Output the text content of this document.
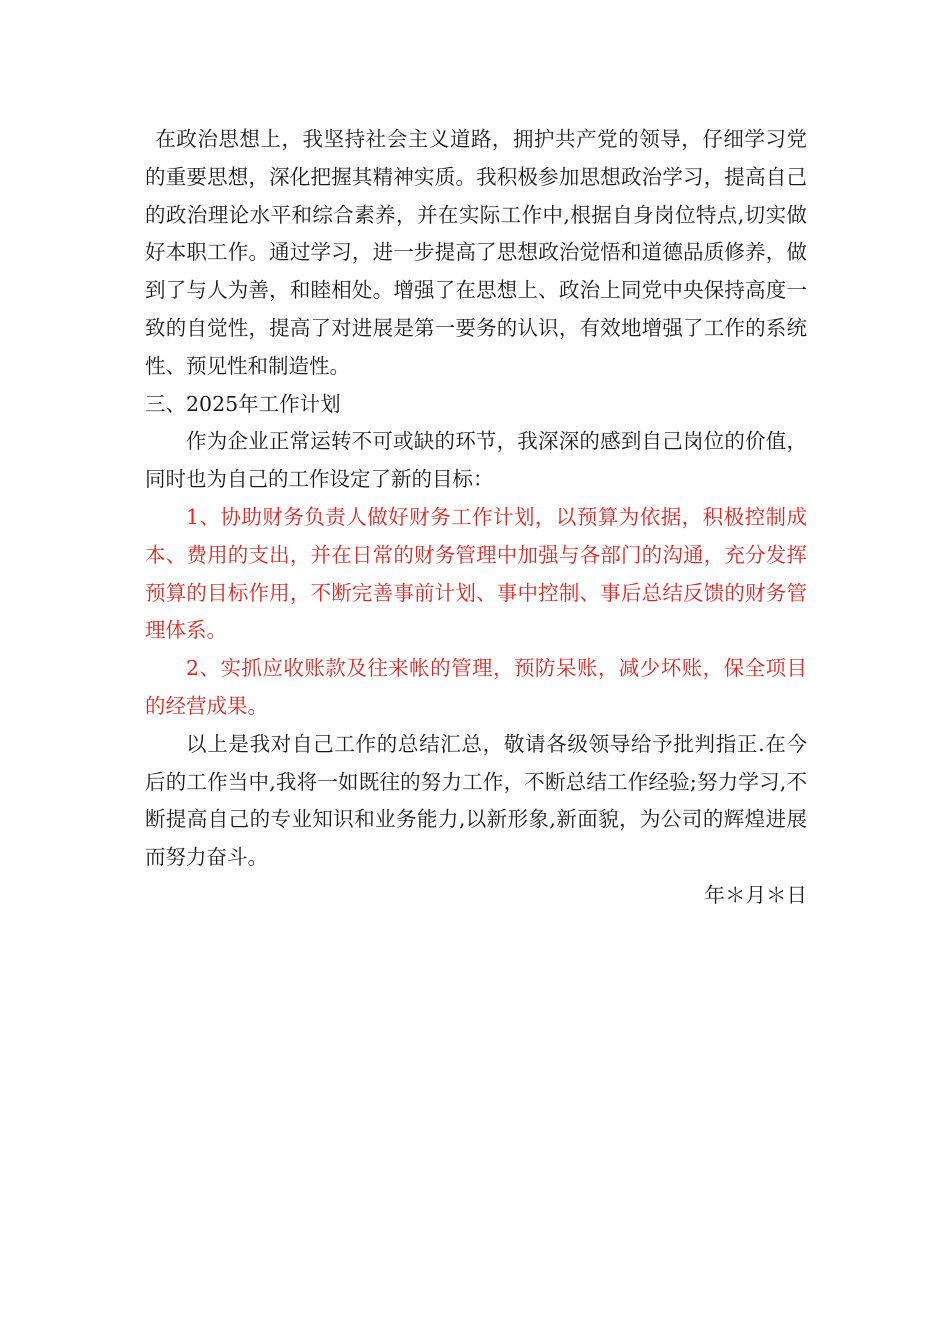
在政治思想上，我坚持社会主义道路，拥护共产党的领导，仔细学习党的重要思想，深化把握其精神实质。我积极参加思想政治学习，提高自己的政治理论水平和综合素养，并在实际工作中,根据自身岗位特点,切实做好本职工作。通过学习，进一步提高了思想政治觉悟和道德品质修养，做到了与人为善，和睦相处。增强了在思想上、政治上同党中央保持高度一致的自觉性，提高了对进展是第一要务的认识，有效地增强了工作的系统性、预见性和制造性。

三、2025年工作计划

作为企业正常运转不可或缺的环节，我深深的感到自己岗位的价值，同时也为自己的工作设定了新的目标：

1、协助财务负责人做好财务工作计划，以预算为依据，积极控制成本、费用的支出，并在日常的财务管理中加强与各部门的沟通，充分发挥预算的目标作用，不断完善事前计划、事中控制、事后总结反馈的财务管理体系。

2、实抓应收账款及往来帐的管理，预防呆账，减少坏账，保全项目的经营成果。

以上是我对自己工作的总结汇总，敬请各级领导给予批判指正.在今后的工作当中,我将一如既往的努力工作，不断总结工作经验;努力学习,不断提高自己的专业知识和业务能力,以新形象,新面貌，为公司的辉煌进展而努力奋斗。

年＊月＊日
